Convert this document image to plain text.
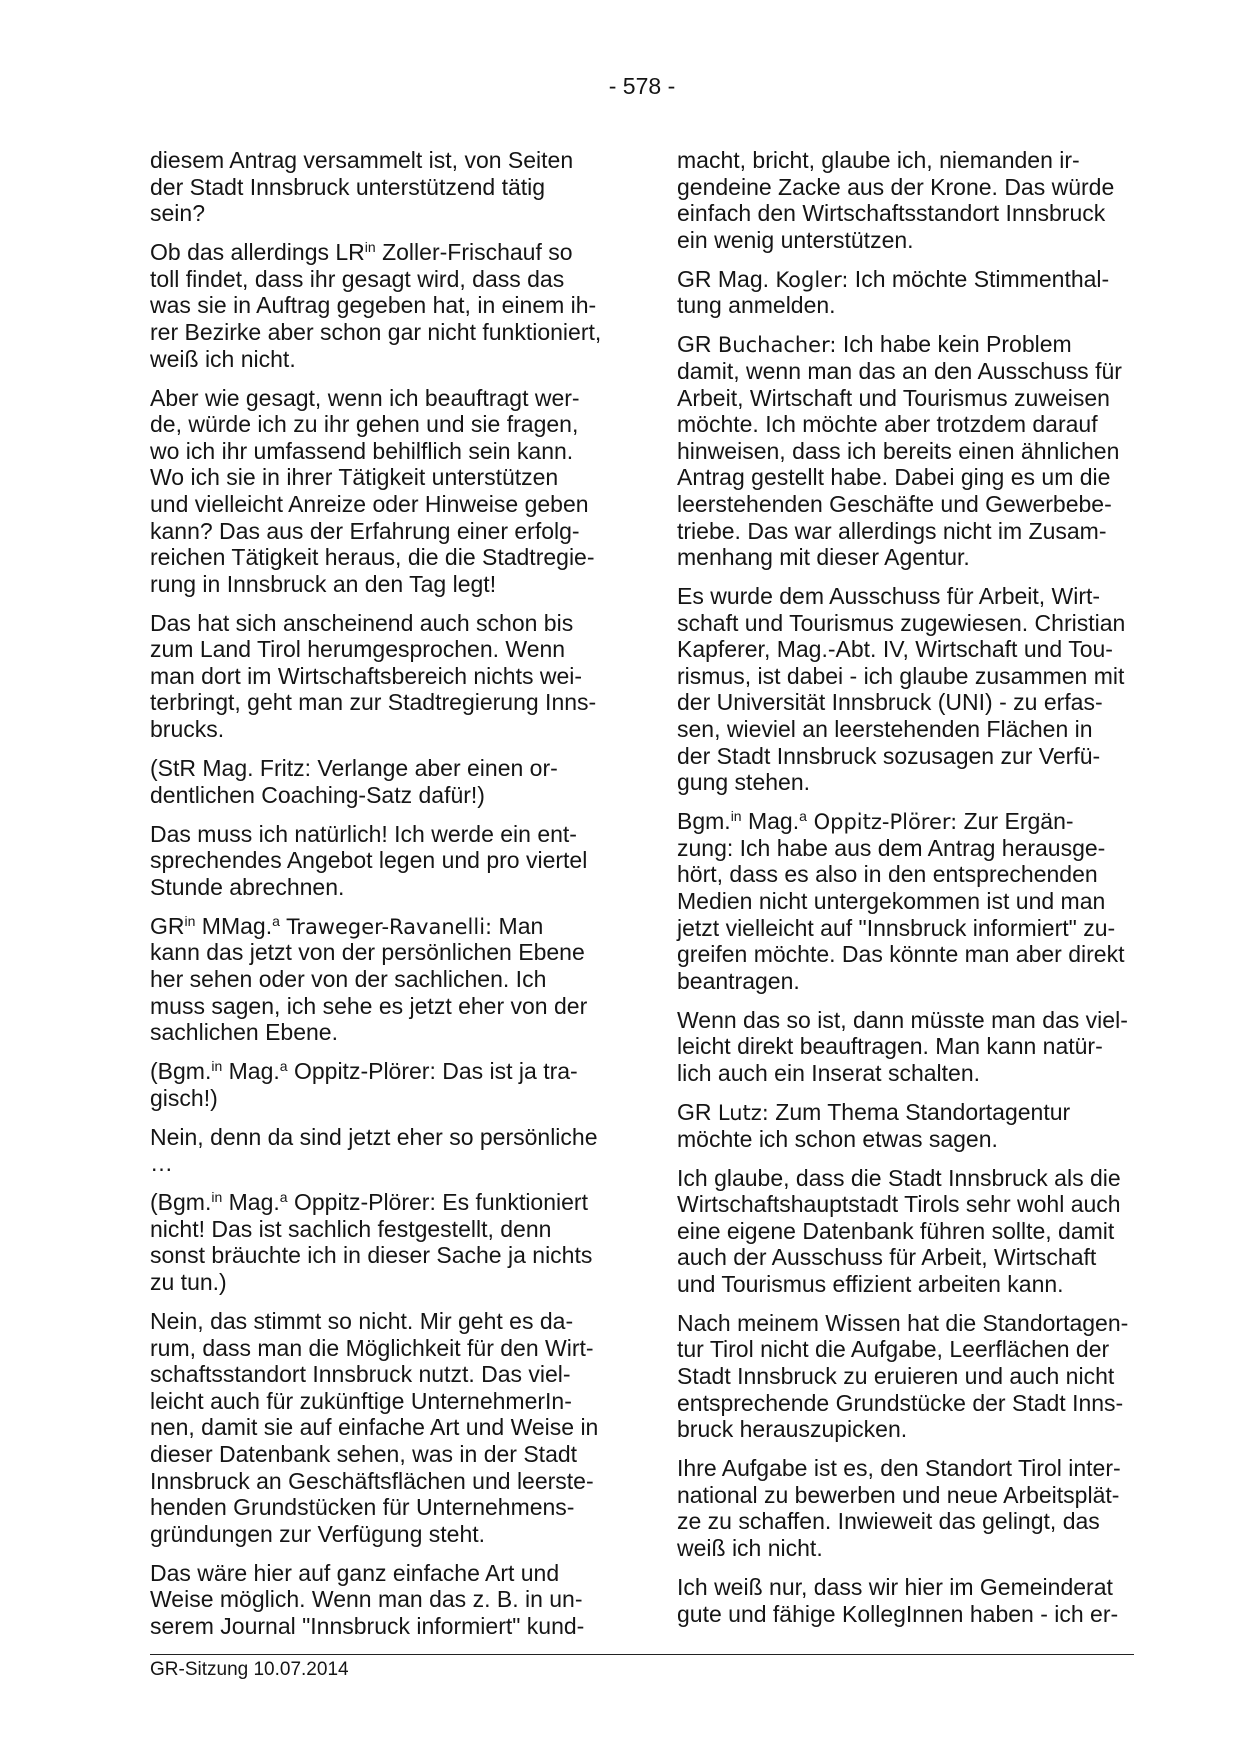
- 578 -
diesem Antrag versammelt ist, von Seiten
der Stadt Innsbruck unterstützend tätig
sein?
Ob das allerdings $LR^{in}$ Zoller-Frischauf so
toll findet, dass ihr gesagt wird, dass das
was sie in Auftrag gegeben hat, in einem ih-
rer Bezirke aber schon gar nicht funktioniert,
weiß ich nicht.
Aber wie gesagt, wenn ich beauftragt wer-
de, würde ich zu ihr gehen und sie fragen,
wo ich ihr umfassend behilflich sein kann.
Wo ich sie in ihrer Tätigkeit unterstützen
und vielleicht Anreize oder Hinweise geben
kann? Das aus der Erfahrung einer erfolg-
reichen Tätigkeit heraus, die die Stadtregie-
rung in Innsbruck an den Tag legt!
Das hat sich anscheinend auch schon bis
zum Land Tirol herumgesprochen. Wenn
man dort im Wirtschaftsbereich nichts wei-
terbringt, geht man zur Stadtregierung Inns-
brucks.
(StR Mag. Fritz: Verlange aber einen or-
dentlichen Coaching-Satz dafür!)
Das muss ich natürlich! Ich werde ein ent-
sprechendes Angebot legen und pro viertel
Stunde abrechnen.
$GR^{in}$ MMag.$^a$ Traweger-Ravanelli: Man
kann das jetzt von der persönlichen Ebene
her sehen oder von der sachlichen. Ich
muss sagen, ich sehe es jetzt eher von der
sachlichen Ebene.
(Bgm.$^{in}$ Mag.$^a$ Oppitz-Plörer: Das ist ja tra-
gisch!)
Nein, denn da sind jetzt eher so persönliche
…
(Bgm.$^{in}$ Mag.$^a$ Oppitz-Plörer: Es funktioniert
nicht! Das ist sachlich festgestellt, denn
sonst bräuchte ich in dieser Sache ja nichts
zu tun.)
Nein, das stimmt so nicht. Mir geht es da-
rum, dass man die Möglichkeit für den Wirt-
schaftsstandort Innsbruck nutzt. Das viel-
leicht auch für zukünftige UnternehmerIn-
nen, damit sie auf einfache Art und Weise in
dieser Datenbank sehen, was in der Stadt
Innsbruck an Geschäftsflächen und leerste-
henden Grundstücken für Unternehmens-
gründungen zur Verfügung steht.
Das wäre hier auf ganz einfache Art und
Weise möglich. Wenn man das z. B. in un-
serem Journal "Innsbruck informiert" kund-
macht, bricht, glaube ich, niemanden ir-
gendeine Zacke aus der Krone. Das würde
einfach den Wirtschaftsstandort Innsbruck
ein wenig unterstützen.
GR Mag. Kogler: Ich möchte Stimmenthal-
tung anmelden.
GR Buchacher: Ich habe kein Problem
damit, wenn man das an den Ausschuss für
Arbeit, Wirtschaft und Tourismus zuweisen
möchte. Ich möchte aber trotzdem darauf
hinweisen, dass ich bereits einen ähnlichen
Antrag gestellt habe. Dabei ging es um die
leerstehenden Geschäfte und Gewerbebe-
triebe. Das war allerdings nicht im Zusam-
menhang mit dieser Agentur.
Es wurde dem Ausschuss für Arbeit, Wirt-
schaft und Tourismus zugewiesen. Christian
Kapferer, Mag.-Abt. IV, Wirtschaft und Tou-
rismus, ist dabei - ich glaube zusammen mit
der Universität Innsbruck (UNI) - zu erfas-
sen, wieviel an leerstehenden Flächen in
der Stadt Innsbruck sozusagen zur Verfü-
gung stehen.
Bgm.$^{in}$ Mag.$^a$ Oppitz-Plörer: Zur Ergän-
zung: Ich habe aus dem Antrag herausge-
hört, dass es also in den entsprechenden
Medien nicht untergekommen ist und man
jetzt vielleicht auf "Innsbruck informiert" zu-
greifen möchte. Das könnte man aber direkt
beantragen.
Wenn das so ist, dann müsste man das viel-
leicht direkt beauftragen. Man kann natür-
lich auch ein Inserat schalten.
GR Lutz: Zum Thema Standortagentur
möchte ich schon etwas sagen.
Ich glaube, dass die Stadt Innsbruck als die
Wirtschaftshauptstadt Tirols sehr wohl auch
eine eigene Datenbank führen sollte, damit
auch der Ausschuss für Arbeit, Wirtschaft
und Tourismus effizient arbeiten kann.
Nach meinem Wissen hat die Standortagen-
tur Tirol nicht die Aufgabe, Leerflächen der
Stadt Innsbruck zu eruieren und auch nicht
entsprechende Grundstücke der Stadt Inns-
bruck herauszupicken.
Ihre Aufgabe ist es, den Standort Tirol inter-
national zu bewerben und neue Arbeitsplät-
ze zu schaffen. Inwieweit das gelingt, das
weiß ich nicht.
Ich weiß nur, dass wir hier im Gemeinderat
gute und fähige KollegInnen haben - ich er-
GR-Sitzung 10.07.2014
